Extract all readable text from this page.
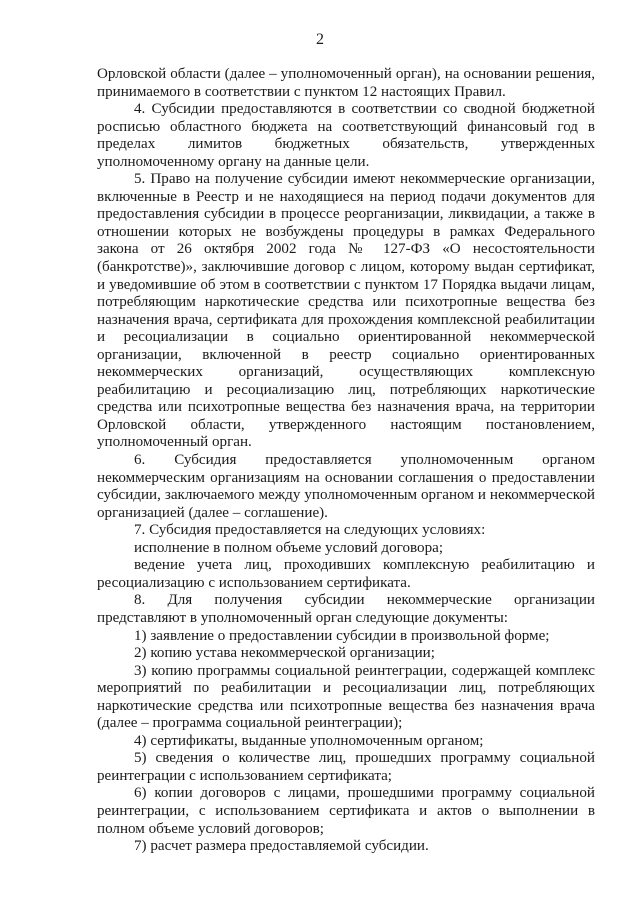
2

Орловской области (далее – уполномоченный орган), на основании решения, принимаемого в соответствии с пунктом 12 настоящих Правил.

4. Субсидии предоставляются в соответствии со сводной бюджетной росписью областного бюджета на соответствующий финансовый год в пределах лимитов бюджетных обязательств, утвержденных уполномоченному органу на данные цели.

5. Право на получение субсидии имеют некоммерческие организации, включенные в Реестр и не находящиеся на период подачи документов для предоставления субсидии в процессе реорганизации, ликвидации, а также в отношении которых не возбуждены процедуры в рамках Федерального закона от 26 октября 2002 года № 127-ФЗ «О несостоятельности (банкротстве)», заключившие договор с лицом, которому выдан сертификат, и уведомившие об этом в соответствии с пунктом 17 Порядка выдачи лицам, потребляющим наркотические средства или психотропные вещества без назначения врача, сертификата для прохождения комплексной реабилитации и ресоциализации в социально ориентированной некоммерческой организации, включенной в реестр социально ориентированных некоммерческих организаций, осуществляющих комплексную реабилитацию и ресоциализацию лиц, потребляющих наркотические средства или психотропные вещества без назначения врача, на территории Орловской области, утвержденного настоящим постановлением, уполномоченный орган.

6. Субсидия предоставляется уполномоченным органом некоммерческим организациям на основании соглашения о предоставлении субсидии, заключаемого между уполномоченным органом и некоммерческой организацией (далее – соглашение).

7. Субсидия предоставляется на следующих условиях:

исполнение в полном объеме условий договора;

ведение учета лиц, проходивших комплексную реабилитацию и ресоциализацию с использованием сертификата.

8. Для получения субсидии некоммерческие организации представляют в уполномоченный орган следующие документы:

1) заявление о предоставлении субсидии в произвольной форме;

2) копию устава некоммерческой организации;

3) копию программы социальной реинтеграции, содержащей комплекс мероприятий по реабилитации и ресоциализации лиц, потребляющих наркотические средства или психотропные вещества без назначения врача (далее – программа социальной реинтеграции);

4) сертификаты, выданные уполномоченным органом;

5) сведения о количестве лиц, прошедших программу социальной реинтеграции с использованием сертификата;

6) копии договоров с лицами, прошедшими программу социальной реинтеграции, с использованием сертификата и актов о выполнении в полном объеме условий договоров;

7) расчет размера предоставляемой субсидии.
